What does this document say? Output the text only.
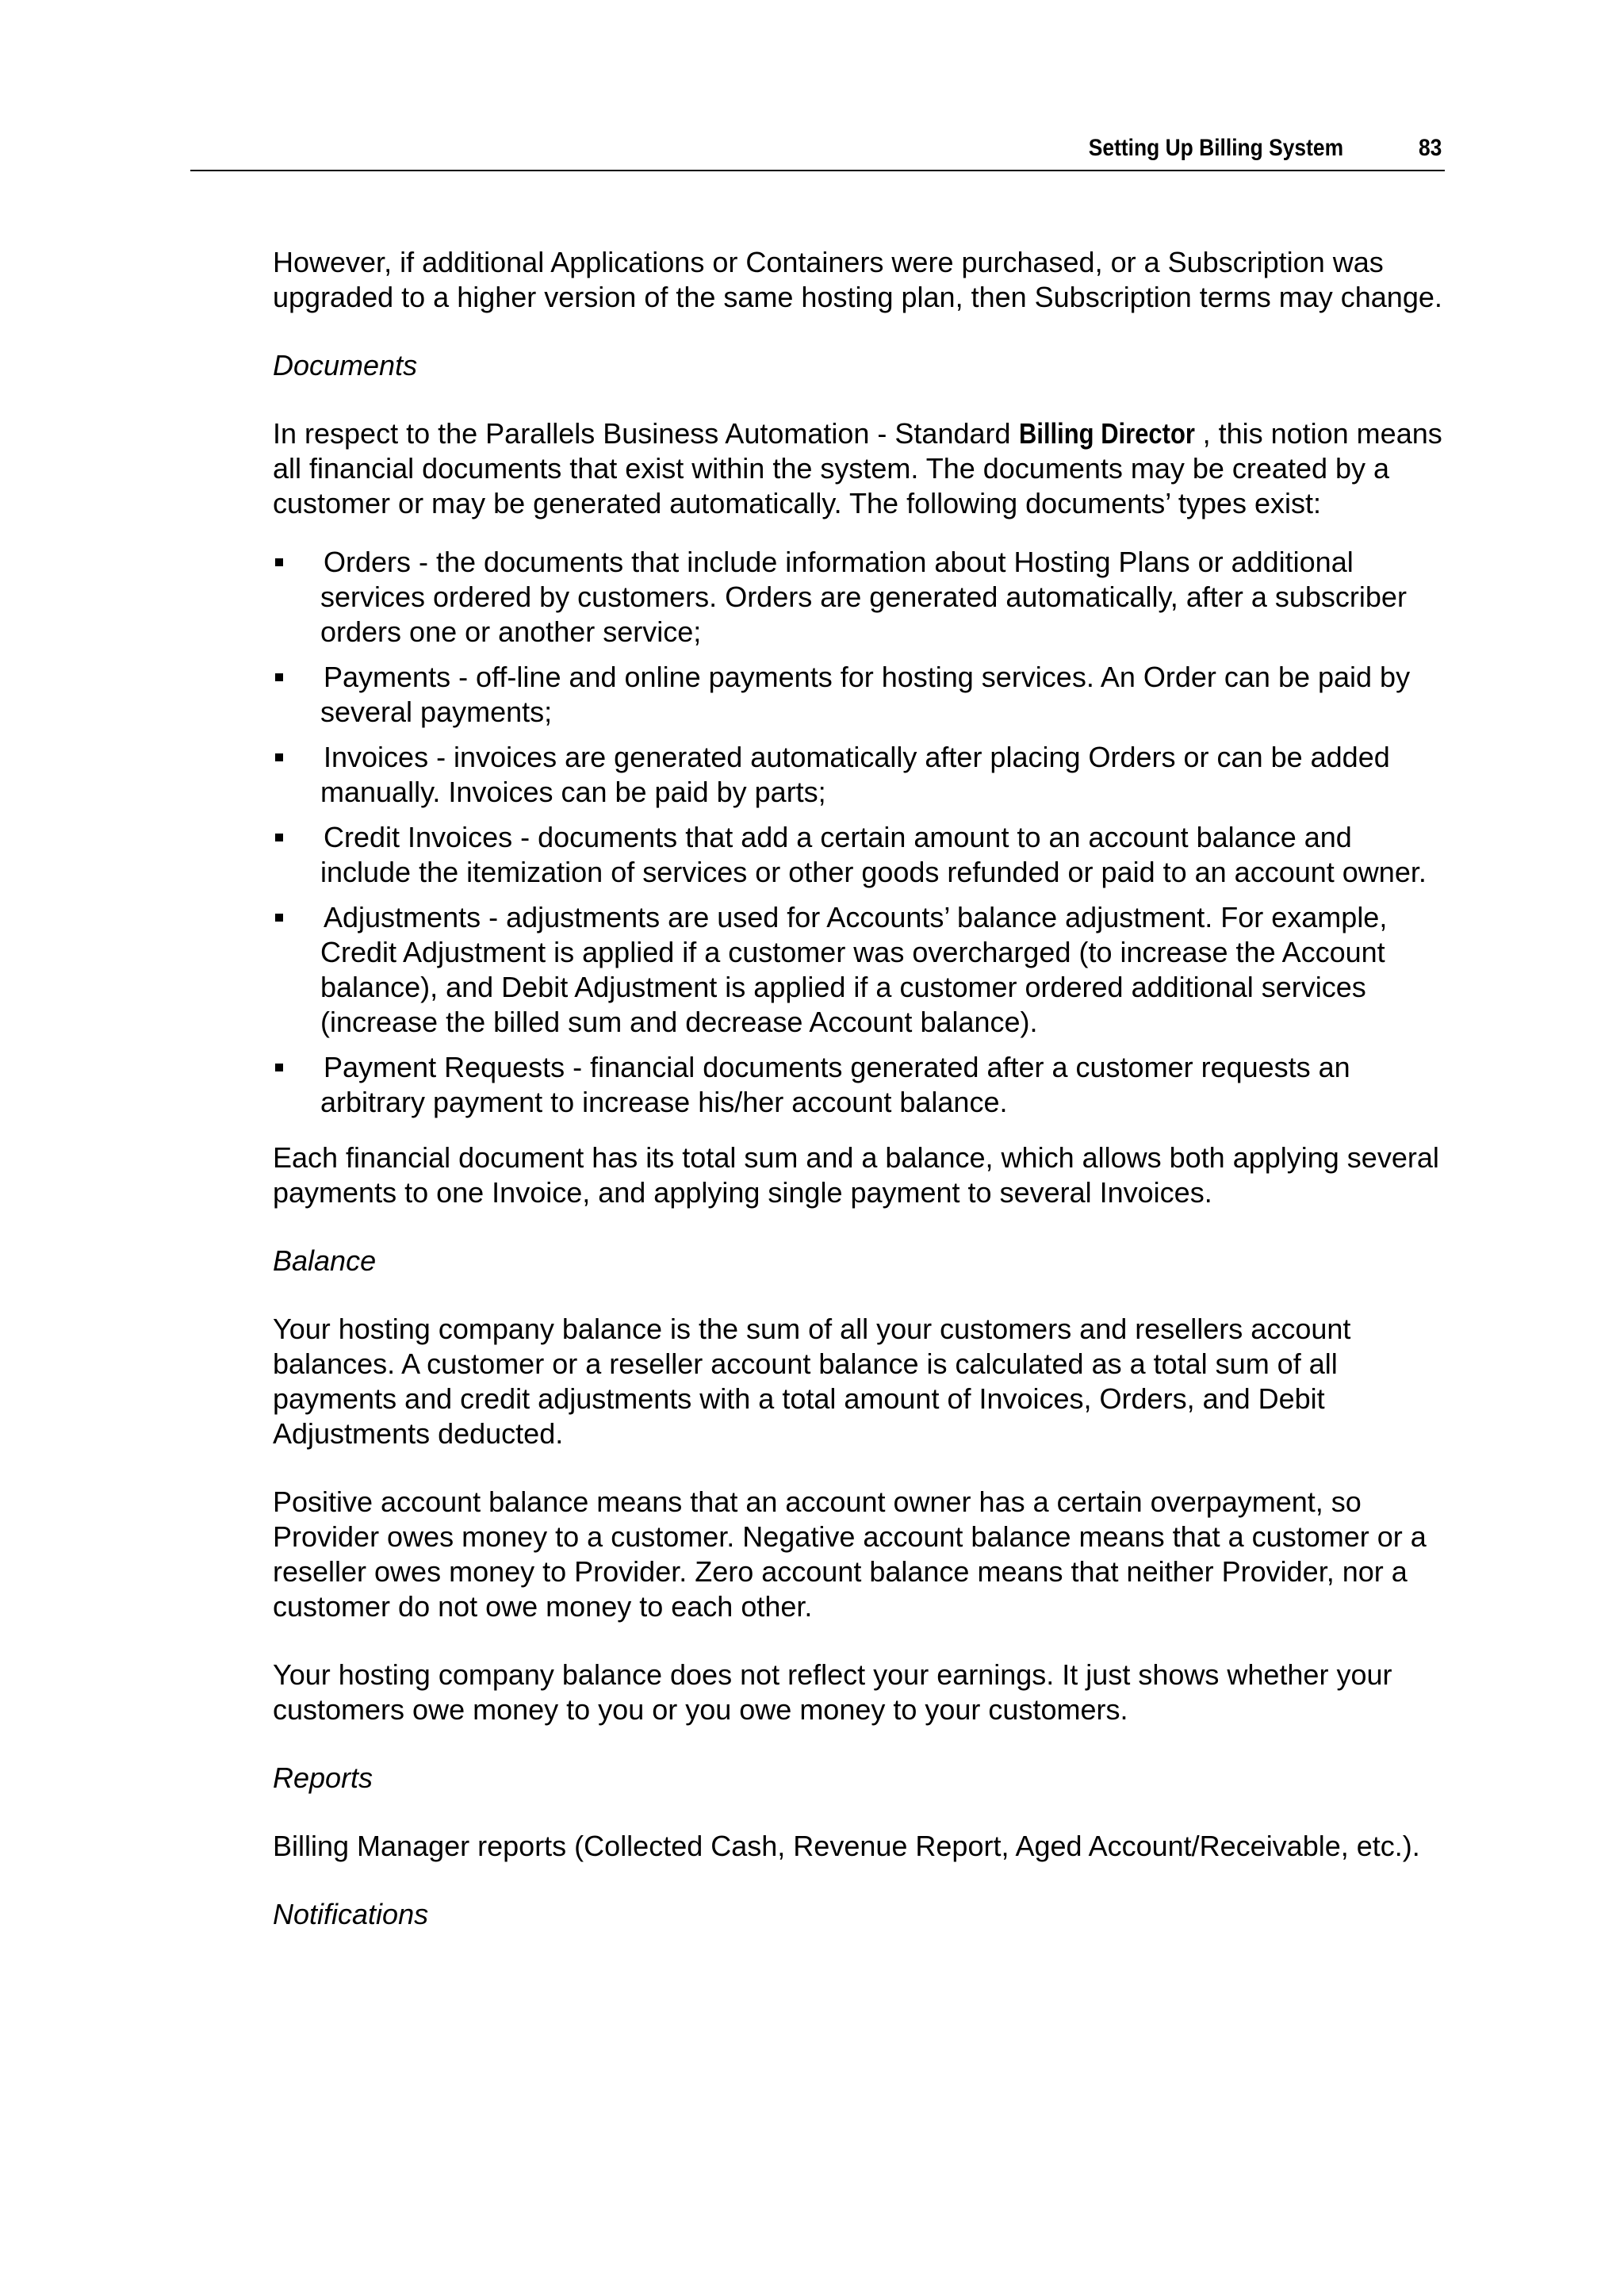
Setting Up Billing System	83

However, if additional Applications or Containers were purchased, or a Subscription was upgraded to a higher version of the same hosting plan, then Subscription terms may change.

Documents

In respect to the Parallels Business Automation - Standard Billing Director , this notion means all financial documents that exist within the system. The documents may be created by a customer or may be generated automatically. The following documents’ types exist:

Orders - the documents that include information about Hosting Plans or additional services ordered by customers. Orders are generated automatically, after a subscriber orders one or another service;
Payments - off-line and online payments for hosting services. An Order can be paid by several payments;
Invoices - invoices are generated automatically after placing Orders or can be added manually. Invoices can be paid by parts;
Credit Invoices - documents that add a certain amount to an account balance and include the itemization of services or other goods refunded or paid to an account owner.
Adjustments - adjustments are used for Accounts’ balance adjustment. For example, Credit Adjustment is applied if a customer was overcharged (to increase the Account balance), and Debit Adjustment is applied if a customer ordered additional services (increase the billed sum and decrease Account balance).
Payment Requests - financial documents generated after a customer requests an arbitrary payment to increase his/her account balance.

Each financial document has its total sum and a balance, which allows both applying several payments to one Invoice, and applying single payment to several Invoices.

Balance

Your hosting company balance is the sum of all your customers and resellers account balances. A customer or a reseller account balance is calculated as a total sum of all payments and credit adjustments with a total amount of Invoices, Orders, and Debit Adjustments deducted.

Positive account balance means that an account owner has a certain overpayment, so Provider owes money to a customer. Negative account balance means that a customer or a reseller owes money to Provider. Zero account balance means that neither Provider, nor a customer do not owe money to each other.

Your hosting company balance does not reflect your earnings. It just shows whether your customers owe money to you or you owe money to your customers.

Reports

Billing Manager reports (Collected Cash, Revenue Report, Aged Account/Receivable, etc.).

Notifications
